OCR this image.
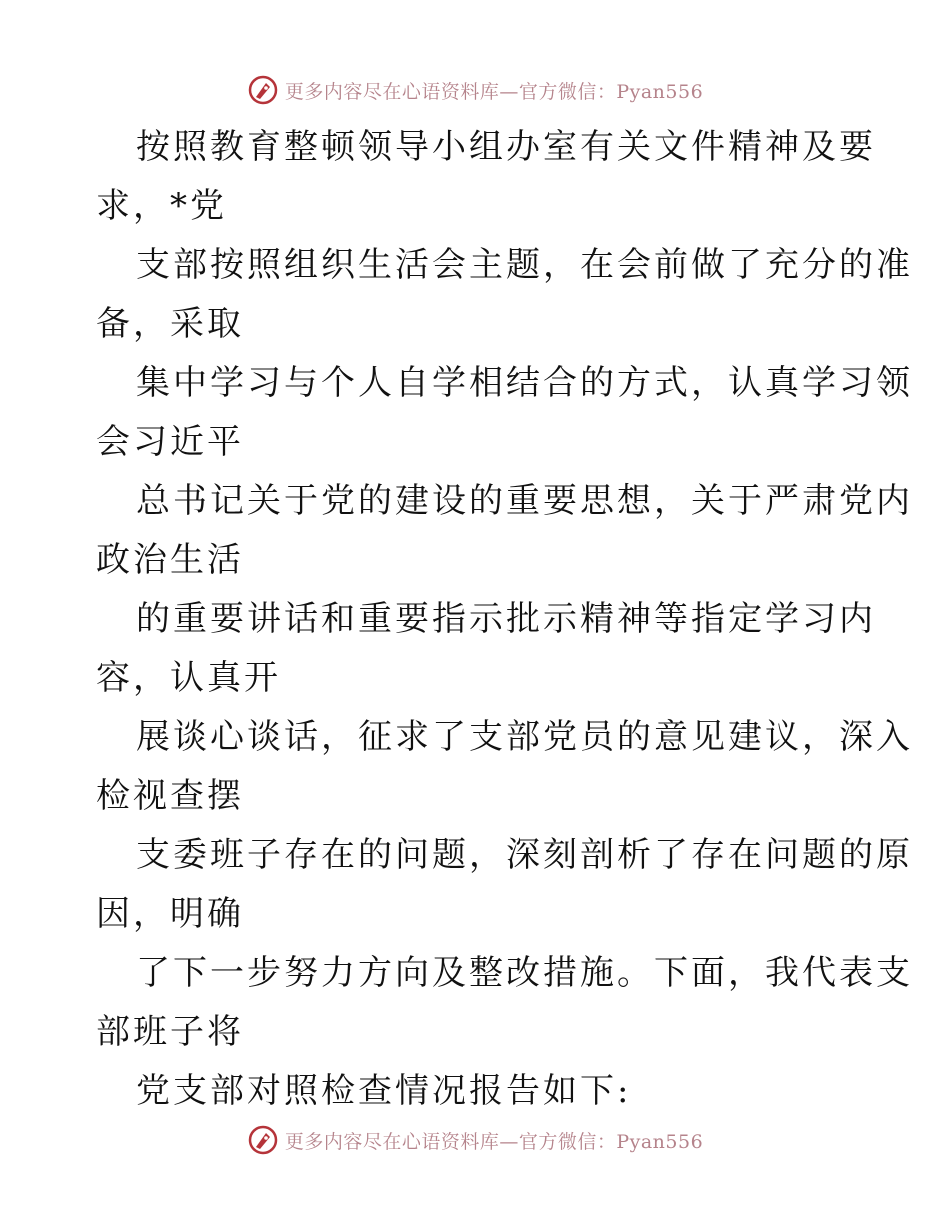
更多内容尽在心语资料库—官方微信：Pyan556
按照教育整顿领导小组办室有关文件精神及要
求，*党
支部按照组织生活会主题，在会前做了充分的准
备，采取
集中学习与个人自学相结合的方式，认真学习领
会习近平
总书记关于党的建设的重要思想，关于严肃党内
政治生活
的重要讲话和重要指示批示精神等指定学习内
容，认真开
展谈心谈话，征求了支部党员的意见建议，深入
检视查摆
支委班子存在的问题，深刻剖析了存在问题的原
因，明确
了下一步努力方向及整改措施。下面，我代表支
部班子将
党支部对照检查情况报告如下:
更多内容尽在心语资料库—官方微信：Pyan556
